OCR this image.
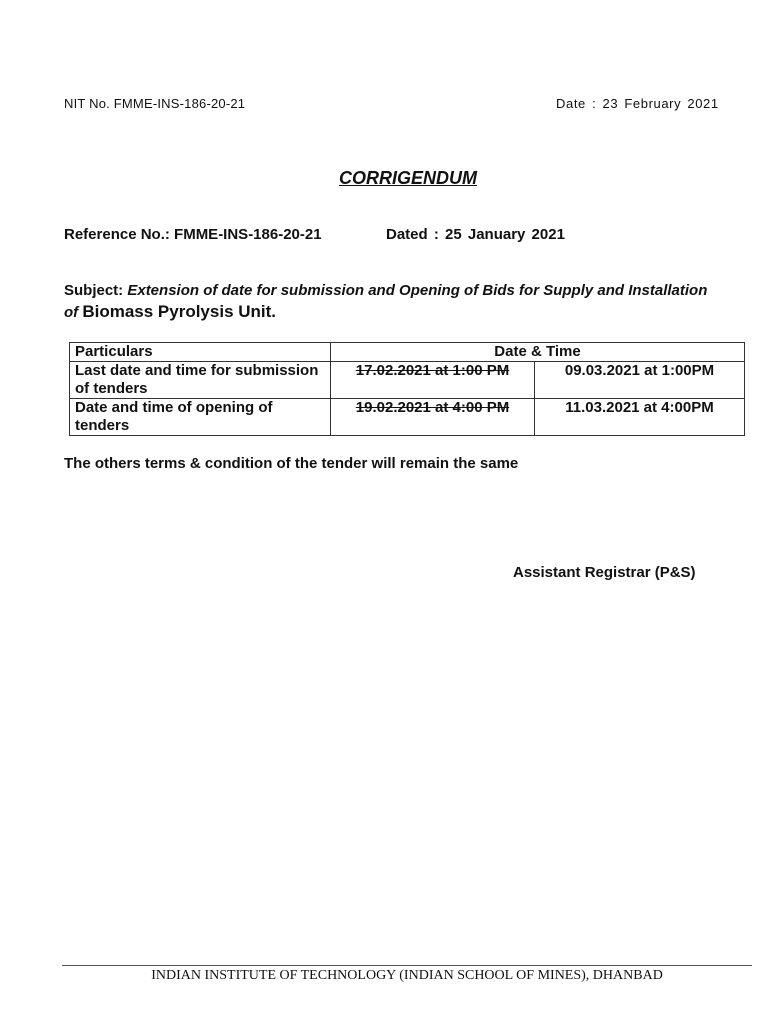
NIT No. FMME-INS-186-20-21	Date : 23 February 2021
CORRIGENDUM
Reference No.: FMME-INS-186-20-21	Dated : 25 January 2021
Subject: Extension of date for submission and Opening of Bids for Supply and Installation of Biomass Pyrolysis Unit.
Particulars	Date & Time	
Last date and time for submission of tenders	17.02.2021 at 1:00 PM	09.03.2021 at 1:00PM
Date and time of opening of tenders	19.02.2021 at 4:00 PM	11.03.2021 at 4:00PM
The others terms & condition of the tender will remain the same
Assistant Registrar (P&S)
INDIAN INSTITUTE OF TECHNOLOGY (INDIAN SCHOOL OF MINES), DHANBAD
